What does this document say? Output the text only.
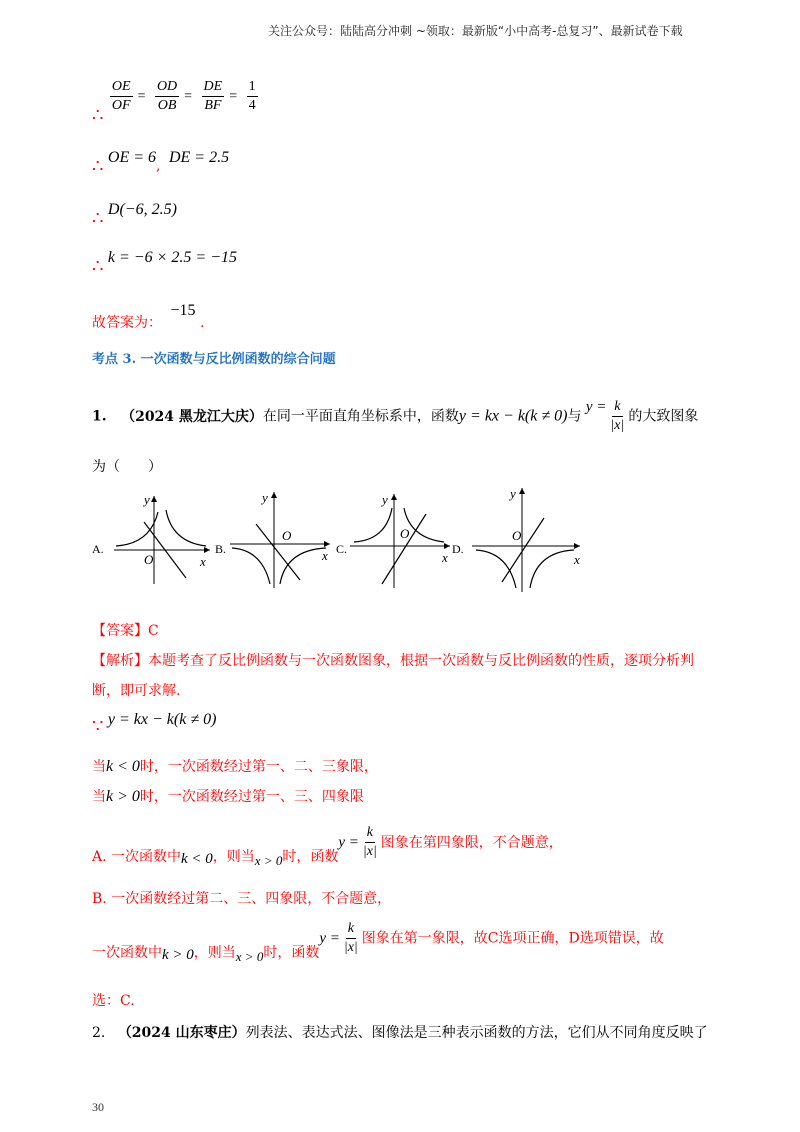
关注公众号：陆陆高分冲刺 ~领取：最新版“小中高考-总复习”、最新试卷下载
∴ $\frac{OE}{OF} = \frac{OD}{OB} = \frac{DE}{BF} = \frac{1}{4}$
∴ OE = 6, DE = 2.5
∴ D(−6, 2.5)
∴ k = −6 × 2.5 = −15
故答案为： −15 .
考点 3. 一次函数与反比例函数的综合问题
1. （2024 黑龙江大庆）在同一平面直角坐标系中，函数y = kx − k(k ≠ 0)与 $y = \frac{k}{|x|}$ 的大致图象
为（　　）
y
x
O
y
x
O
y
x
O
y
x
O
A.	B.	C.	D.
【答案】C
【解析】本题考查了反比例函数与一次函数图象，根据一次函数与反比例函数的性质，逐项分析判
断，即可求解.
∵ y = kx − k(k ≠ 0)
当k < 0时，一次函数经过第一、二、三象限，
当k > 0时，一次函数经过第一、三、四象限
A. 一次函数中k < 0，则当x > 0时，函数$y = \frac{k}{|x|}$ 图象在第四象限，不合题意，
B. 一次函数经过第二、三、四象限，不合题意，
一次函数中k > 0，则当x > 0时，函数$y = \frac{k}{|x|}$ 图象在第一象限，故C选项正确，D选项错误，故
选：C.
2. （2024 山东枣庄）列表法、表达式法、图像法是三种表示函数的方法，它们从不同角度反映了
30
